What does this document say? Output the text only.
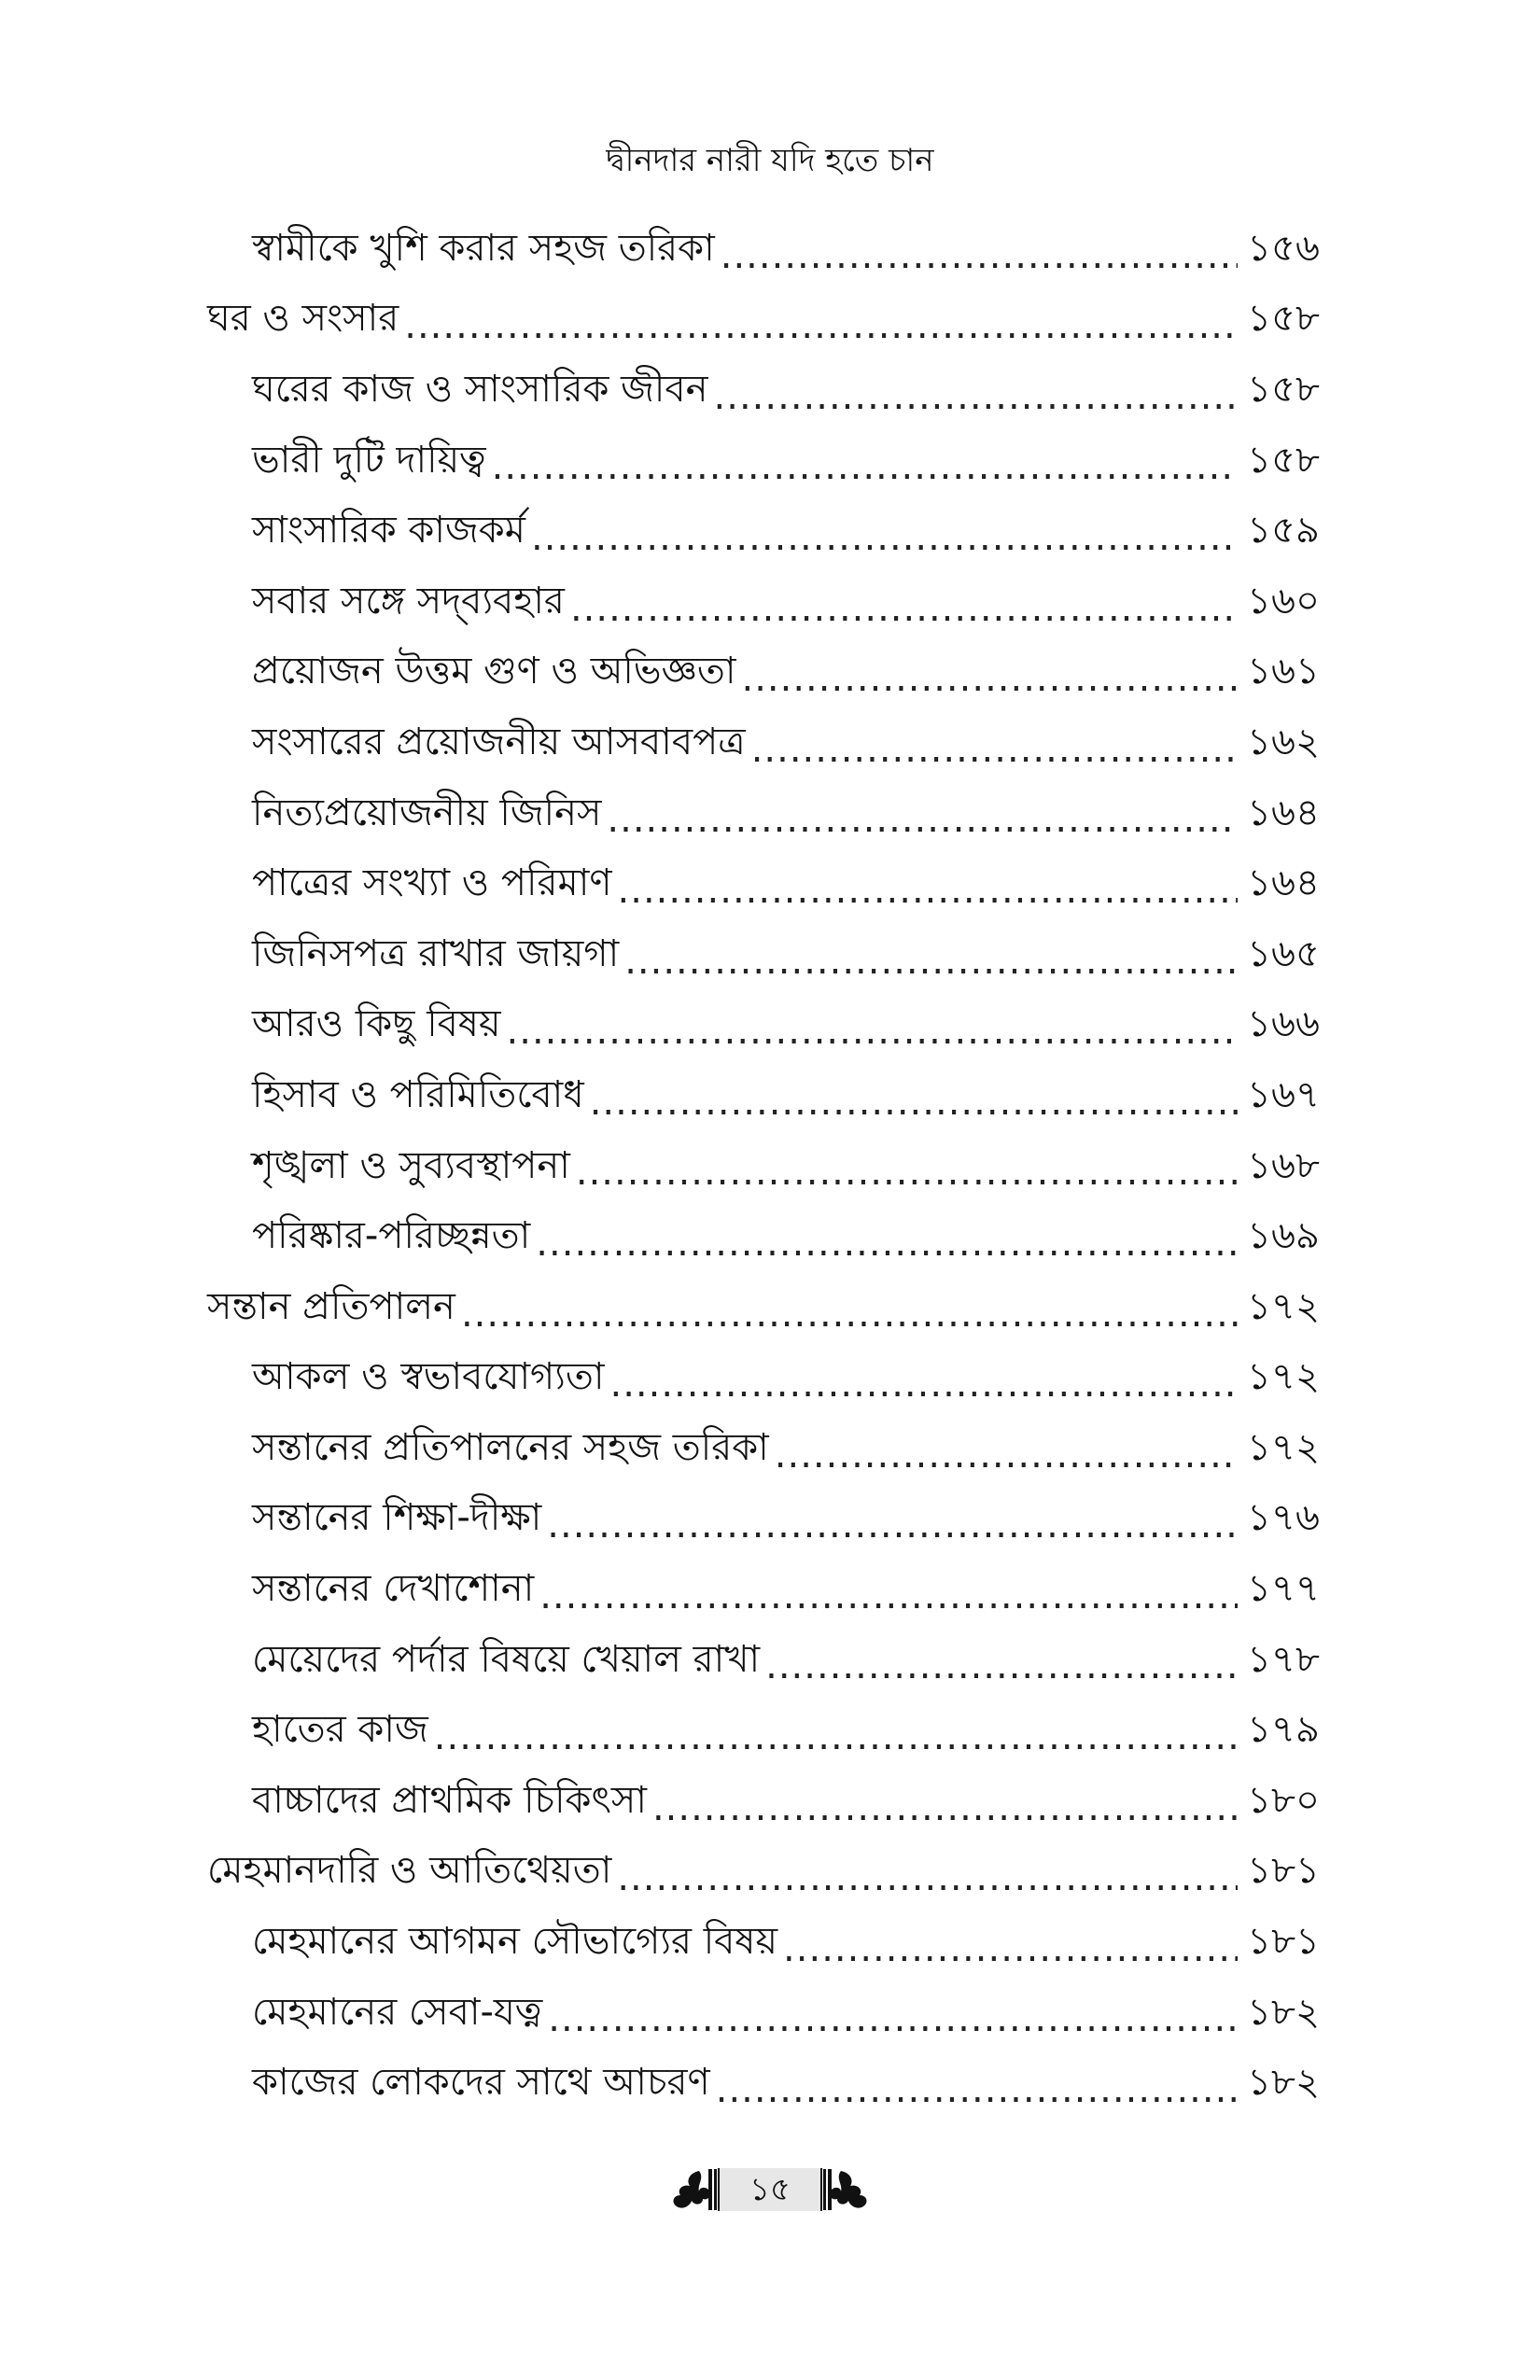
দ্বীনদার নারী যদি হতে চান
স্বামীকে খুশি করার সহজ তরিকা .....	১৫৬
ঘর ও সংসার .....	১৫৮
ঘরের কাজ ও সাংসারিক জীবন .....	১৫৮
ভারী দুটি দায়িত্ব .....	১৫৮
সাংসারিক কাজকর্ম .....	১৫৯
সবার সঙ্গে সদ্‌ব্যবহার .....	১৬০
প্রয়োজন উত্তম গুণ ও অভিজ্ঞতা .....	১৬১
সংসারের প্রয়োজনীয় আসবাবপত্র .....	১৬২
নিত্যপ্রয়োজনীয় জিনিস .....	১৬৪
পাত্রের সংখ্যা ও পরিমাণ .....	১৬৪
জিনিসপত্র রাখার জায়গা .....	১৬৫
আরও কিছু বিষয় .....	১৬৬
হিসাব ও পরিমিতিবোধ .....	১৬৭
শৃঙ্খলা ও সুব্যবস্থাপনা .....	১৬৮
পরিষ্কার-পরিচ্ছন্নতা .....	১৬৯
সন্তান প্রতিপালন .....	১৭২
আকল ও স্বভাবযোগ্যতা .....	১৭২
সন্তানের প্রতিপালনের সহজ তরিকা .....	১৭২
সন্তানের শিক্ষা-দীক্ষা .....	১৭৬
সন্তানের দেখাশোনা .....	১৭৭
মেয়েদের পর্দার বিষয়ে খেয়াল রাখা .....	১৭৮
হাতের কাজ .....	১৭৯
বাচ্চাদের প্রাথমিক চিকিৎসা .....	১৮০
মেহমানদারি ও আতিথেয়তা .....	১৮১
মেহমানের আগমন সৌভাগ্যের বিষয় .....	১৮১
মেহমানের সেবা-যত্ন .....	১৮২
কাজের লোকদের সাথে আচরণ .....	১৮২
১৫
